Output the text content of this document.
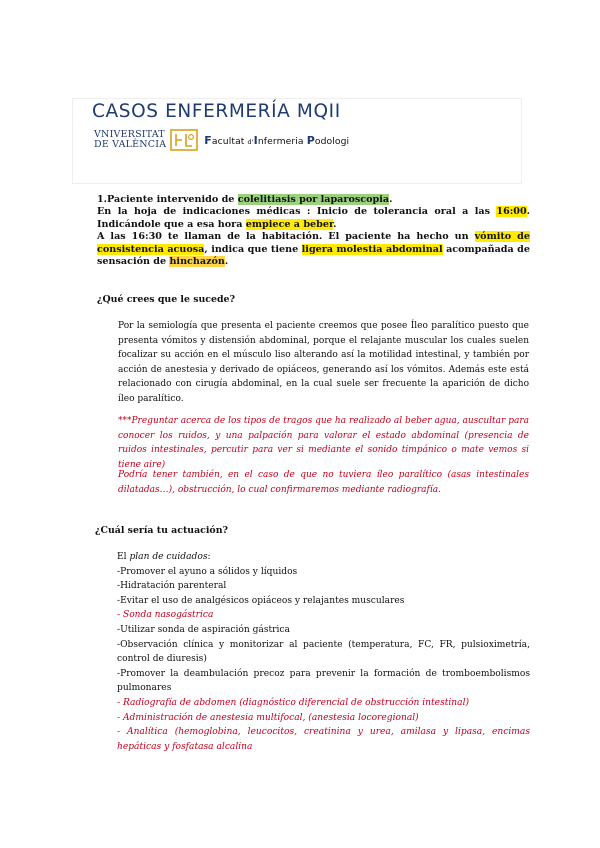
CASOS ENFERMERÍA MQII
VNIVERSITAT
DE VALÈNCIA	Facultat d'Infermeria Podologi
1.Paciente intervenido de colelitiasis por laparoscopia.
En la hoja de indicaciones médicas : Inicio de tolerancia oral a las 16:00. Indicándole que a esa hora empiece a beber.
A las 16:30 te llaman de la habitación. El paciente ha hecho un vómito de consistencia acuosa, indica que tiene ligera molestia abdominal acompañada de sensación de hinchazón.
¿Qué crees que le sucede?
Por la semiología que presenta el paciente creemos que posee Íleo paralítico puesto que presenta vómitos y distensión abdominal, porque el relajante muscular los cuales suelen focalizar su acción en el músculo liso alterando así la motilidad intestinal, y también por acción de anestesia y derivado de opiáceos, generando así los vómitos. Además este está relacionado con cirugía abdominal, en la cual suele ser frecuente la aparición de dicho íleo paralítico.
***Preguntar acerca de los tipos de tragos que ha realizado al beber agua, auscultar para conocer los ruidos, y una palpación para valorar el estado abdominal (presencia de ruidos intestinales, percutir para ver si mediante el sonido timpánico o mate vemos si tiene aire)
Podría tener también, en el caso de que no tuviera íleo paralítico (asas intestinales dilatadas…), obstrucción, lo cual confirmaremos mediante radiografía.
¿Cuál sería tu actuación?
El plan de cuidados:
-Promover el ayuno a sólidos y líquidos
-Hidratación parenteral
-Evitar el uso de analgésicos opiáceos y relajantes musculares
- Sonda nasogástrica
-Utilizar sonda de aspiración gástrica
-Observación clínica y monitorizar al paciente (temperatura, FC, FR, pulsioximetría, control de diuresis)
-Promover la deambulación precoz para prevenir la formación de tromboembolismos pulmonares
- Radiografía de abdomen (diagnóstico diferencial de obstrucción intestinal)
- Administración de anestesia multifocal, (anestesia locoregional)
- Analítica (hemoglobina, leucocitos, creatinina y urea, amilasa y lipasa, encimas hepáticas y fosfatasa alcalina
